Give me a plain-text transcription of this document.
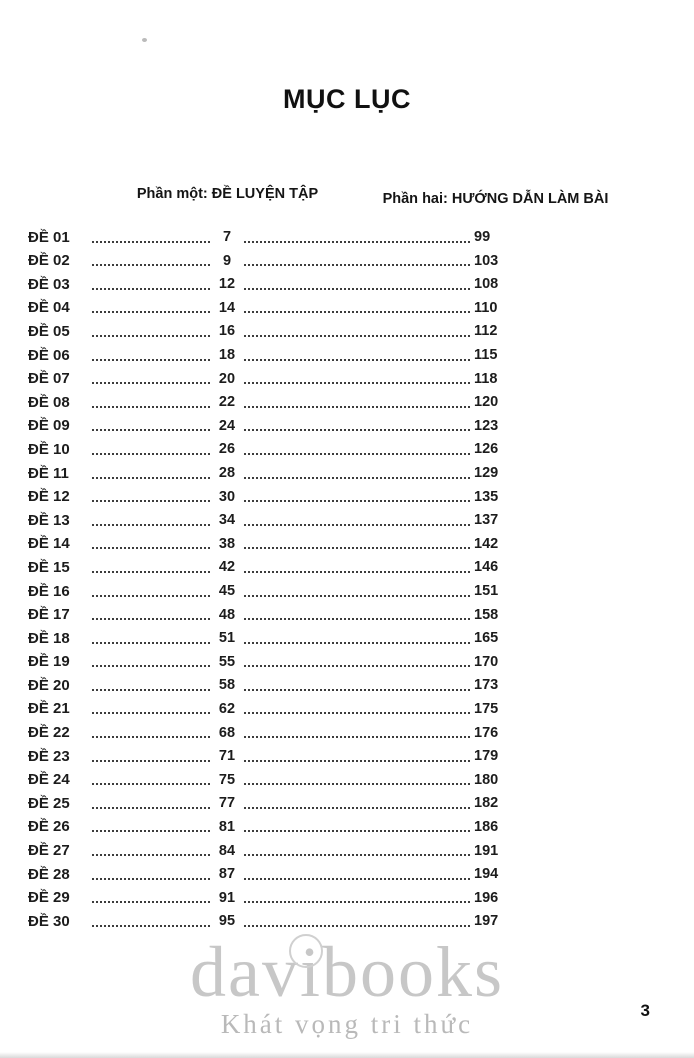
MỤC LỤC
Phần một: ĐỀ LUYỆN TẬP	Phần hai: HƯỚNG DẪN LÀM BÀI
ĐỀ 01	7	99
ĐỀ 02	9	103
ĐỀ 03	12	108
ĐỀ 04	14	110
ĐỀ 05	16	112
ĐỀ 06	18	115
ĐỀ 07	20	118
ĐỀ 08	22	120
ĐỀ 09	24	123
ĐỀ 10	26	126
ĐỀ 11	28	129
ĐỀ 12	30	135
ĐỀ 13	34	137
ĐỀ 14	38	142
ĐỀ 15	42	146
ĐỀ 16	45	151
ĐỀ 17	48	158
ĐỀ 18	51	165
ĐỀ 19	55	170
ĐỀ 20	58	173
ĐỀ 21	62	175
ĐỀ 22	68	176
ĐỀ 23	71	179
ĐỀ 24	75	180
ĐỀ 25	77	182
ĐỀ 26	81	186
ĐỀ 27	84	191
ĐỀ 28	87	194
ĐỀ 29	91	196
ĐỀ 30	95	197
davibooks
Khát vọng tri thức	3
